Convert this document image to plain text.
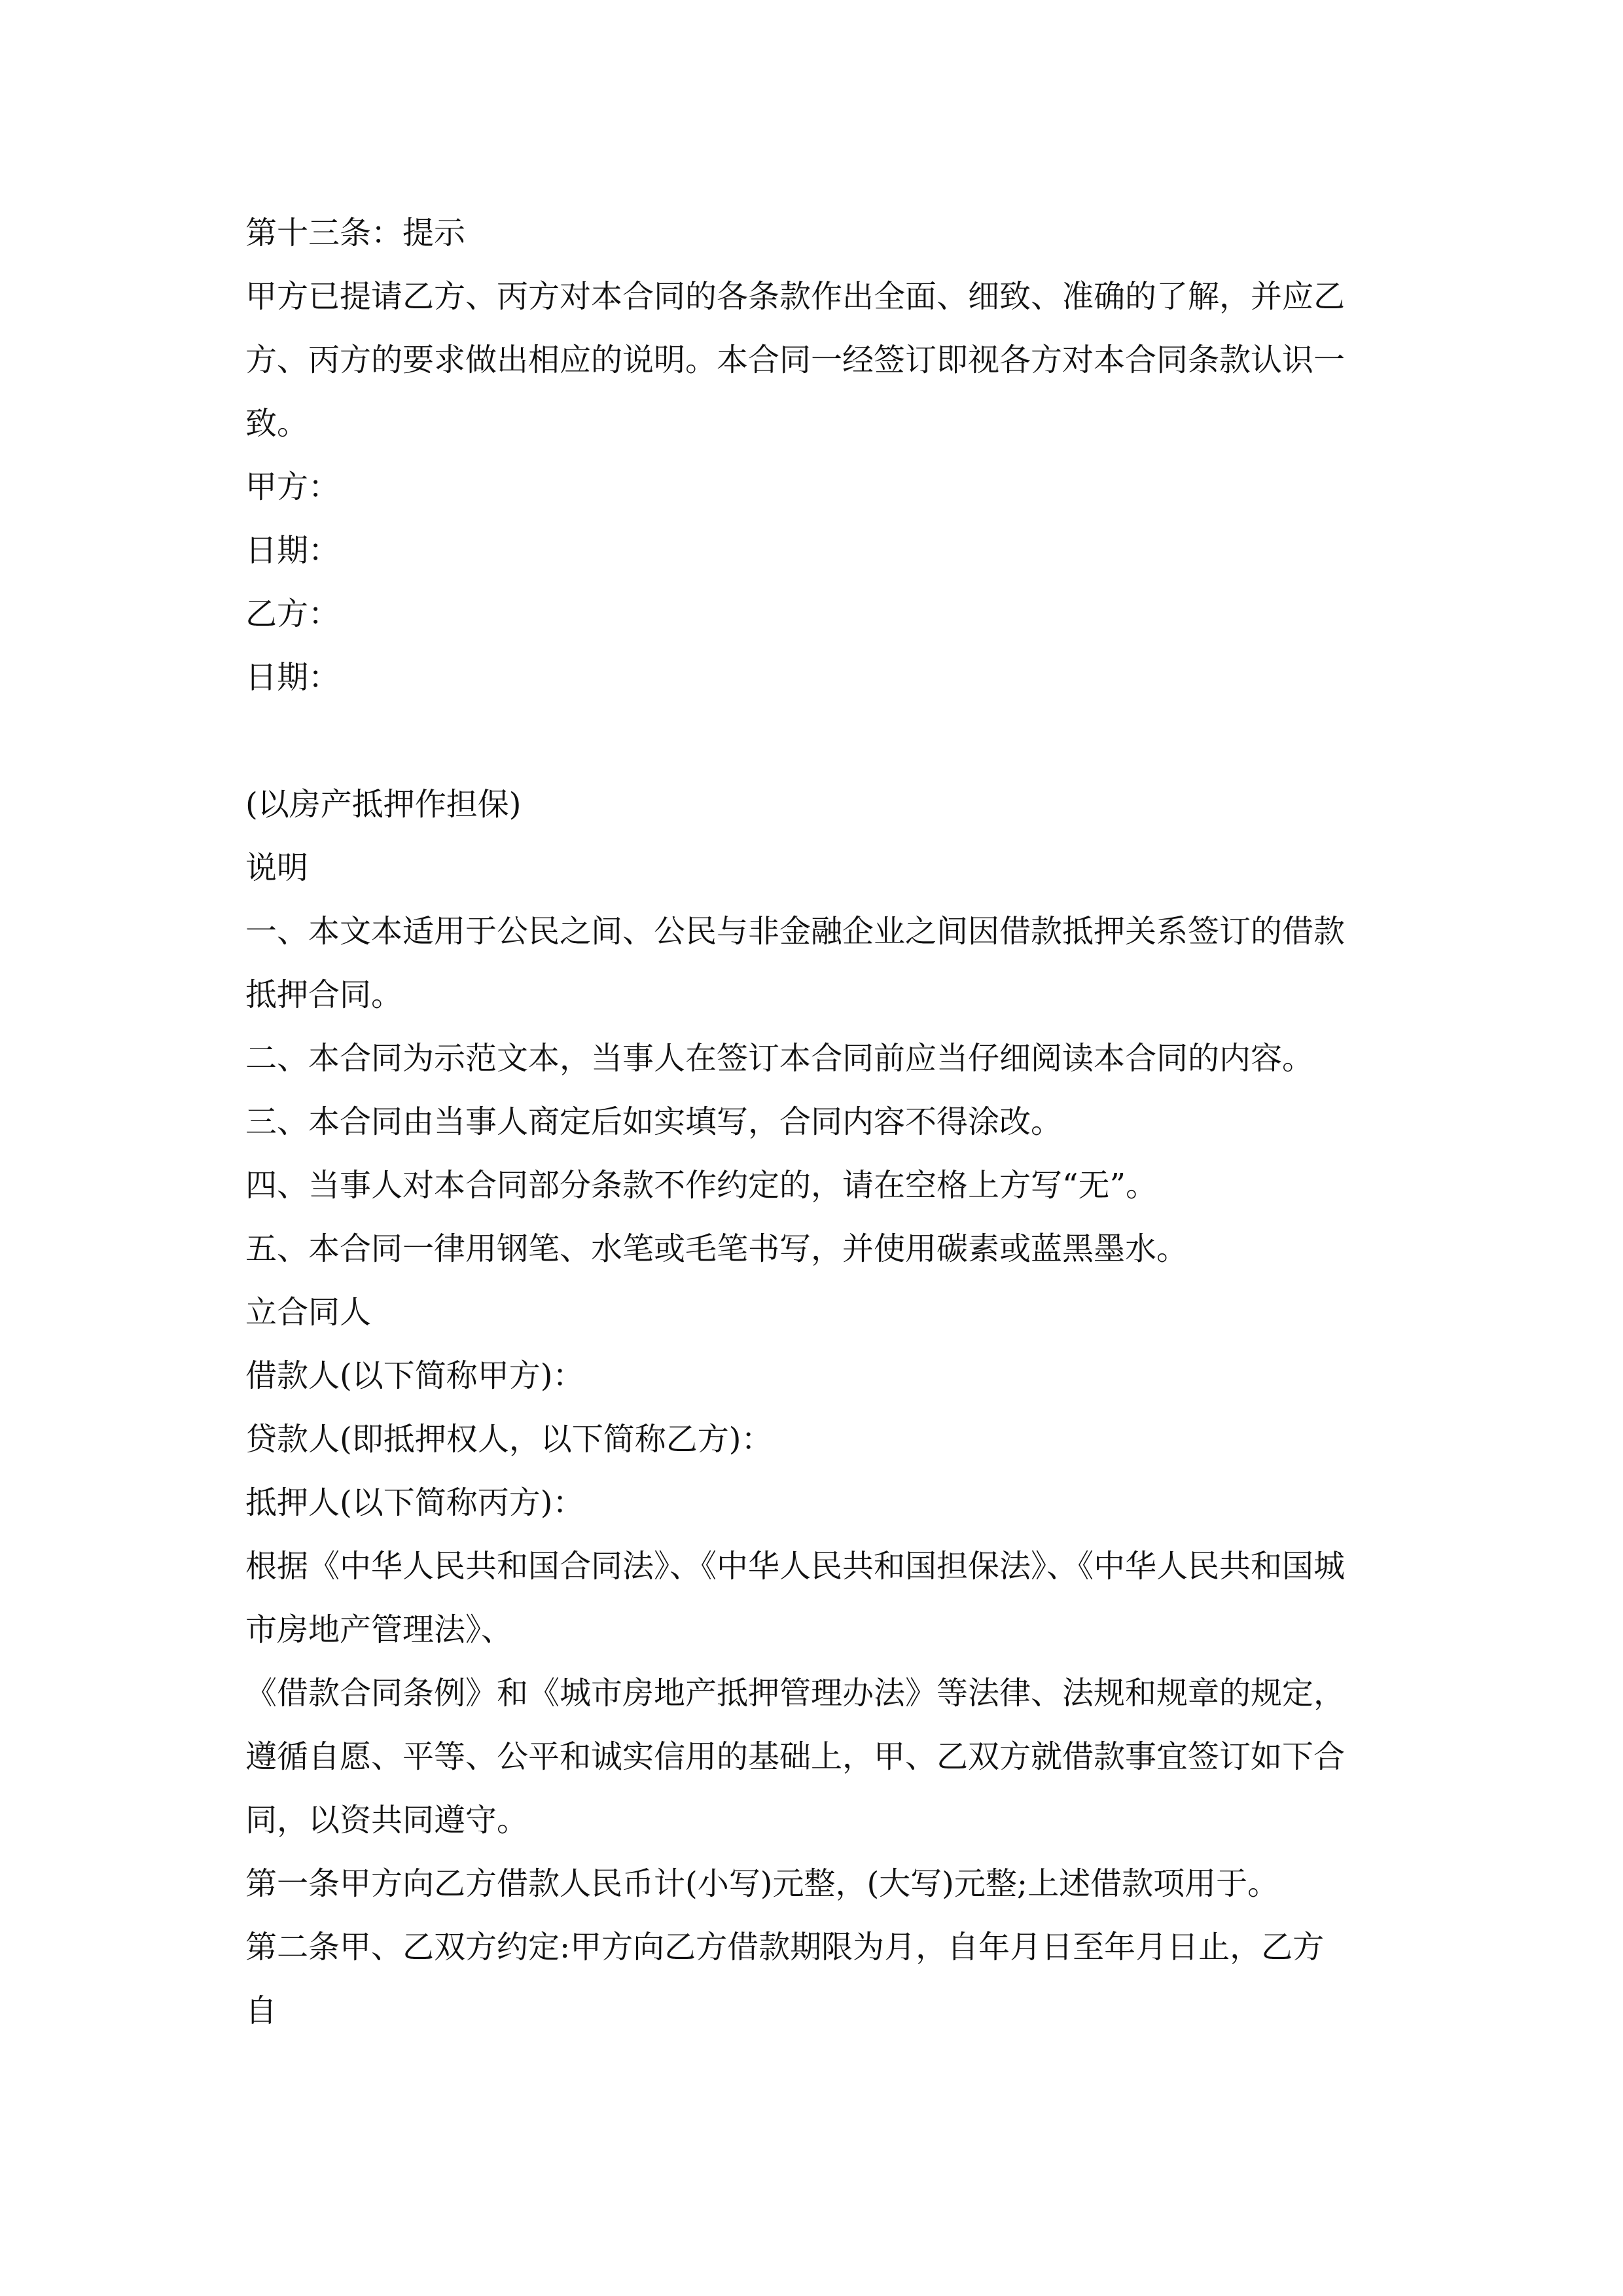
第十三条：提示
甲方已提请乙方、丙方对本合同的各条款作出全面、细致、准确的了解，并应乙
方、丙方的要求做出相应的说明。本合同一经签订即视各方对本合同条款认识一
致。
甲方：
日期：
乙方：
日期：
(以房产抵押作担保)
说明
一、本文本适用于公民之间、公民与非金融企业之间因借款抵押关系签订的借款
抵押合同。
二、本合同为示范文本，当事人在签订本合同前应当仔细阅读本合同的内容。
三、本合同由当事人商定后如实填写，合同内容不得涂改。
四、当事人对本合同部分条款不作约定的，请在空格上方写“无”。
五、本合同一律用钢笔、水笔或毛笔书写，并使用碳素或蓝黑墨水。
立合同人
借款人(以下简称甲方)：
贷款人(即抵押权人，以下简称乙方)：
抵押人(以下简称丙方)：
根据《中华人民共和国合同法》、《中华人民共和国担保法》、《中华人民共和国城
市房地产管理法》、
《借款合同条例》和《城市房地产抵押管理办法》等法律、法规和规章的规定，
遵循自愿、平等、公平和诚实信用的基础上，甲、乙双方就借款事宜签订如下合
同，以资共同遵守。
第一条甲方向乙方借款人民币计(小写)元整，(大写)元整;上述借款项用于。
第二条甲、乙双方约定:甲方向乙方借款期限为月，自年月日至年月日止，乙方
自
